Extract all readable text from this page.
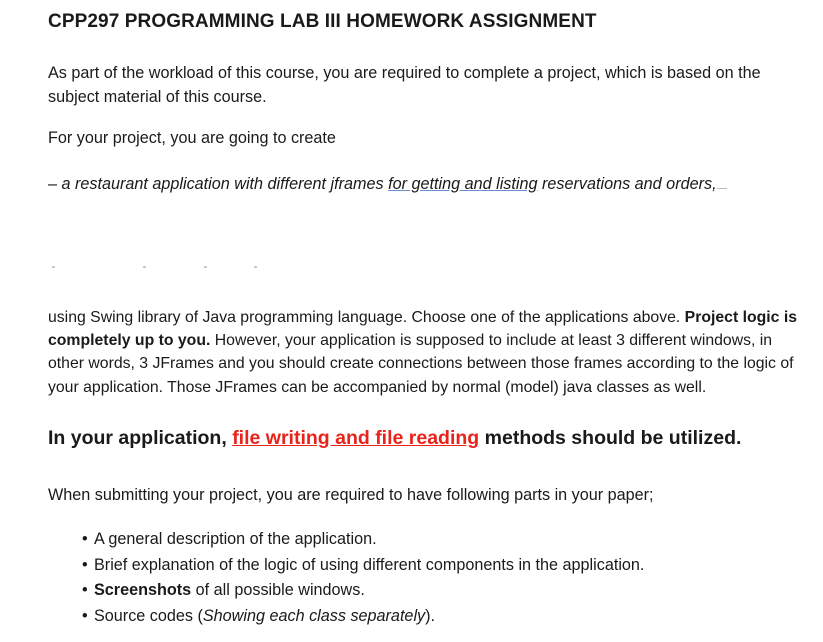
CPP297 PROGRAMMING LAB III HOMEWORK ASSIGNMENT
As part of the workload of this course, you are required to complete a project, which is based on the subject material of this course.
For your project, you are going to create
– a restaurant application with different jframes for getting and listing reservations and orders,
using Swing library of Java programming language. Choose one of the applications above. Project logic is completely up to you. However, your application is supposed to include at least 3 different windows, in other words, 3 JFrames and you should create connections between those frames according to the logic of your application. Those JFrames can be accompanied by normal (model) java classes as well.
In your application, file writing and file reading methods should be utilized.
When submitting your project, you are required to have following parts in your paper;
• A general description of the application.
• Brief explanation of the logic of using different components in the application.
• Screenshots of all possible windows.
• Source codes (Showing each class separately).
